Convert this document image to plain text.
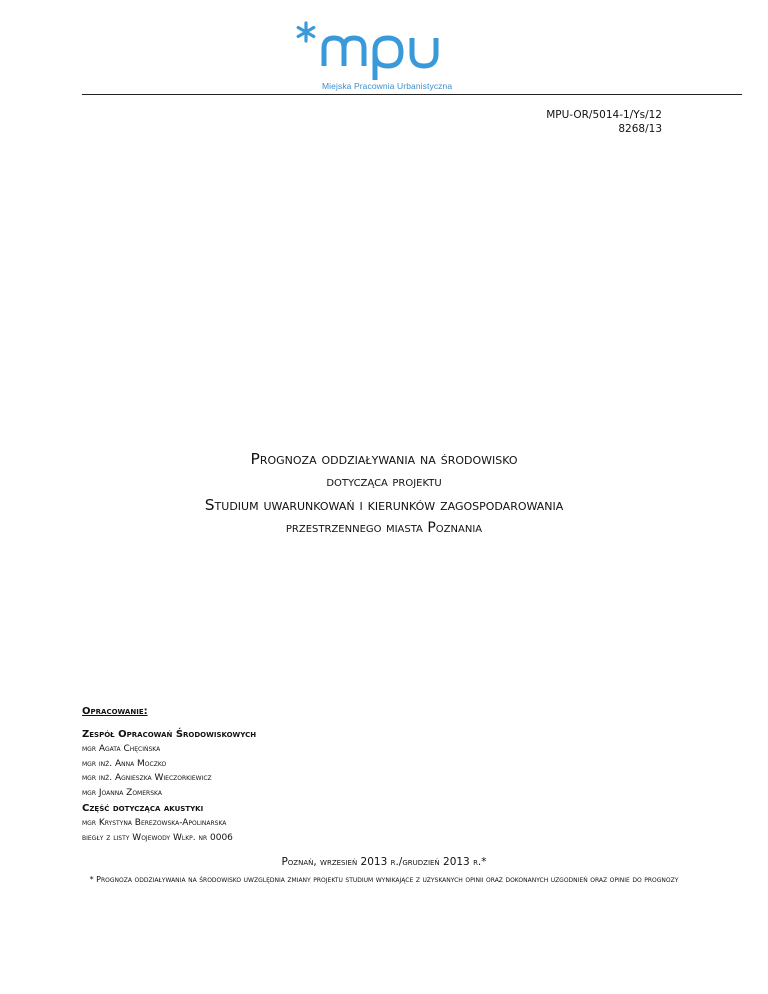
Miejska Pracownia Urbanistyczna
MPU-OR/5014-1/Ys/12
8268/13
Prognoza oddziaływania na środowisko
dotycząca projektu
Studium uwarunkowań i kierunków zagospodarowania
przestrzennego miasta Poznania
Opracowanie:
Zespół Opracowań Środowiskowych
mgr Agata Chęcińska
mgr inż. Anna Moczko
mgr inż. Agnieszka Wieczorkiewicz
mgr Joanna Zomerska
Część dotycząca akustyki
mgr Krystyna Berezowska-Apolinarska
biegły z listy Wojewody Wlkp. nr 0006
Poznań, wrzesień 2013 r./grudzień 2013 r.*
* Prognoza oddziaływania na środowisko uwzględnia zmiany projektu studium wynikające z uzyskanych opinii oraz dokonanych uzgodnień oraz opinie do prognozy
